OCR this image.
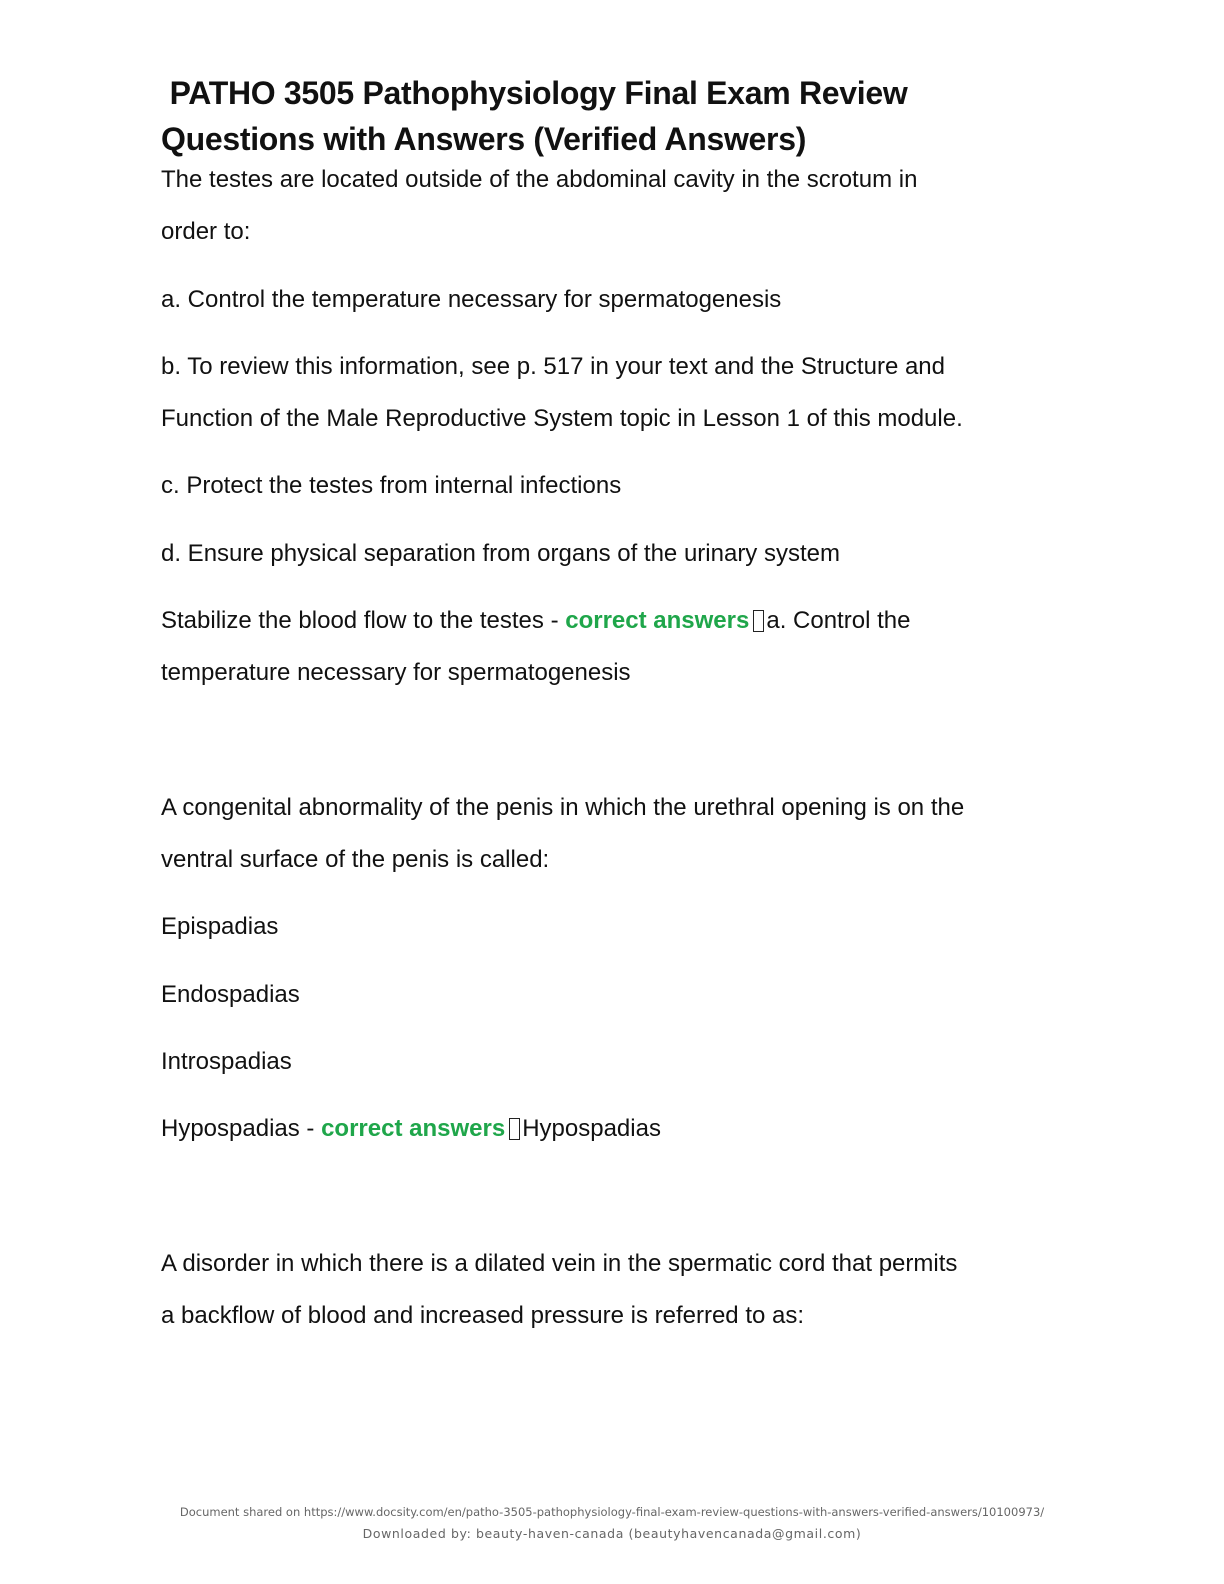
PATHO 3505 Pathophysiology Final Exam Review

Questions with Answers (Verified Answers)

The testes are located outside of the abdominal cavity in the scrotum in

order to:

a. Control the temperature necessary for spermatogenesis

b. To review this information, see p. 517 in your text and the Structure and

Function of the Male Reproductive System topic in Lesson 1 of this module.

c. Protect the testes from internal infections

d. Ensure physical separation from organs of the urinary system

Stabilize the blood flow to the testes - correct answers a. Control the

temperature necessary for spermatogenesis

A congenital abnormality of the penis in which the urethral opening is on the

ventral surface of the penis is called:

Epispadias

Endospadias

Introspadias

Hypospadias - correct answers Hypospadias

A disorder in which there is a dilated vein in the spermatic cord that permits

a backflow of blood and increased pressure is referred to as:

Document shared on https://www.docsity.com/en/patho-3505-pathophysiology-final-exam-review-questions-with-answers-verified-answers/10100973/
Downloaded by: beauty-haven-canada (beautyhavencanada@gmail.com)
